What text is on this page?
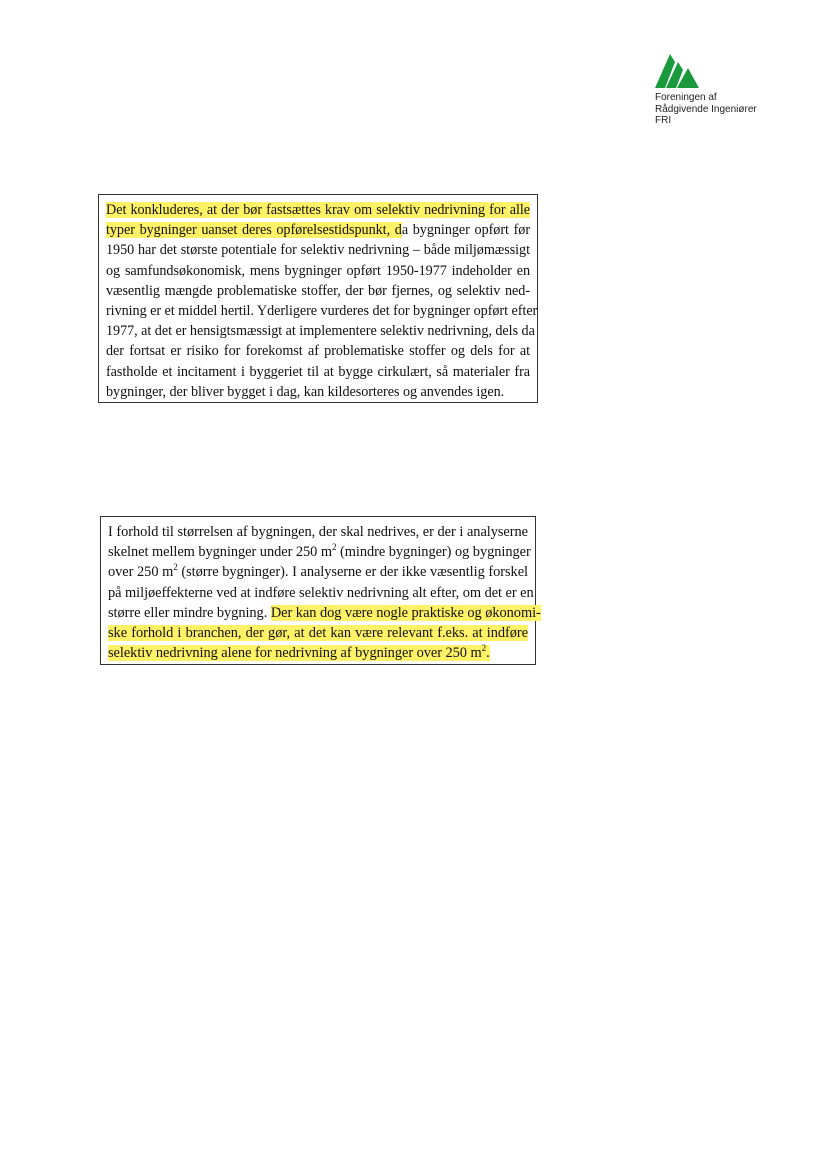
Foreningen af
Rådgivende Ingeniører
FRI
Det konkluderes, at der bør fastsættes krav om selektiv nedrivning for alle
typer bygninger uanset deres opførelsestidspunkt, da bygninger opført før
1950 har det største potentiale for selektiv nedrivning – både miljømæssigt
og samfundsøkonomisk, mens bygninger opført 1950-1977 indeholder en
væsentlig mængde problematiske stoffer, der bør fjernes, og selektiv ned-
rivning er et middel hertil. Yderligere vurderes det for bygninger opført efter
1977, at det er hensigtsmæssigt at implementere selektiv nedrivning, dels da
der fortsat er risiko for forekomst af problematiske stoffer og dels for at
fastholde et incitament i byggeriet til at bygge cirkulært, så materialer fra
bygninger, der bliver bygget i dag, kan kildesorteres og anvendes igen.
I forhold til størrelsen af bygningen, der skal nedrives, er der i analyserne
skelnet mellem bygninger under 250 $m^2$ (mindre bygninger) og bygninger
over 250 $m^2$ (større bygninger). I analyserne er der ikke væsentlig forskel
på miljøeffekterne ved at indføre selektiv nedrivning alt efter, om det er en
større eller mindre bygning. Der kan dog være nogle praktiske og økonomi-
ske forhold i branchen, der gør, at det kan være relevant f.eks. at indføre
selektiv nedrivning alene for nedrivning af bygninger over 250 $m^2$.
